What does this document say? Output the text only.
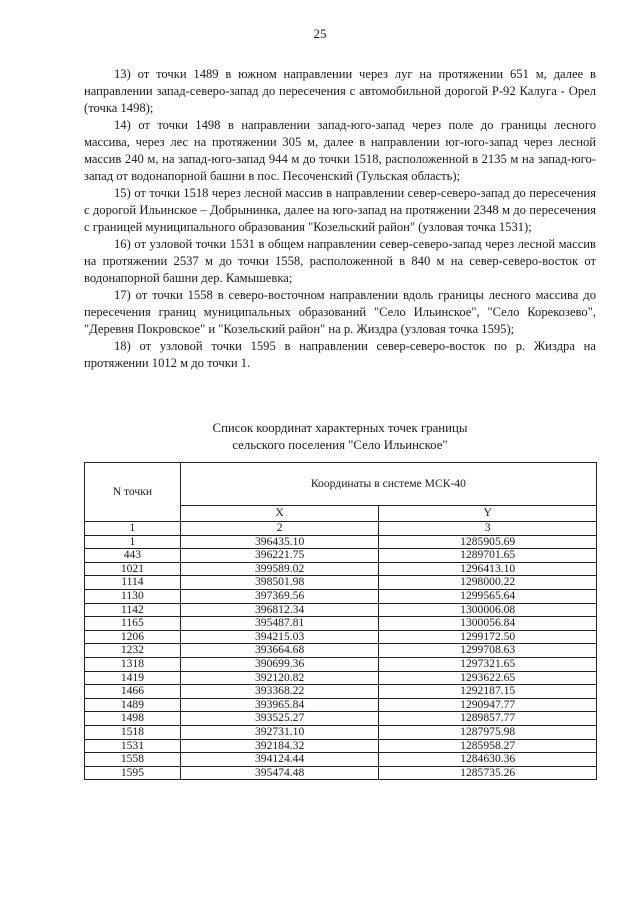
25

13) от точки 1489 в южном направлении через луг на протяжении 651 м, далее в направлении запад-северо-запад до пересечения с автомобильной дорогой Р-92 Калуга - Орел (точка 1498);

14) от точки 1498 в направлении запад-юго-запад через поле до границы лесного массива, через лес на протяжении 305 м, далее в направлении юг-юго-запад через лесной массив 240 м, на запад-юго-запад 944 м до точки 1518, расположенной в 2135 м на запад-юго-запад от водонапорной башни в пос. Песоченский (Тульская область);

15) от точки 1518 через лесной массив в направлении север-северо-запад до пересечения с дорогой Ильинское – Добрынинка, далее на юго-запад на протяжении 2348 м до пересечения с границей муниципального образования "Козельский район" (узловая точка 1531);

16) от узловой точки 1531 в общем направлении север-северо-запад через лесной массив на протяжении 2537 м до точки 1558, расположенной в 840 м на север-северо-восток от водонапорной башни дер. Камышевка;

17) от точки 1558 в северо-восточном направлении вдоль границы лесного массива до пересечения границ муниципальных образований "Село Ильинское", "Село Корекозево", "Деревня Покровское" и "Козельский район" на р. Жиздра (узловая точка 1595);

18) от узловой точки 1595 в направлении север-северо-восток по р. Жиздра на протяжении 1012 м до точки 1.

Список координат характерных точек границы
сельского поселения "Село Ильинское"
N точки	Координаты в системе МСК-40	
	X	Y
1	2	3
1	396435.10	1285905.69
443	396221.75	1289701.65
1021	399589.02	1296413.10
1114	398501.98	1298000.22
1130	397369.56	1299565.64
1142	396812.34	1300006.08
1165	395487.81	1300056.84
1206	394215.03	1299172.50
1232	393664.68	1299708.63
1318	390699.36	1297321.65
1419	392120.82	1293622.65
1466	393368.22	1292187.15
1489	393965.84	1290947.77
1498	393525.27	1289857.77
1518	392731.10	1287975.98
1531	392184.32	1285958.27
1558	394124.44	1284630.36
1595	395474.48	1285735.26
